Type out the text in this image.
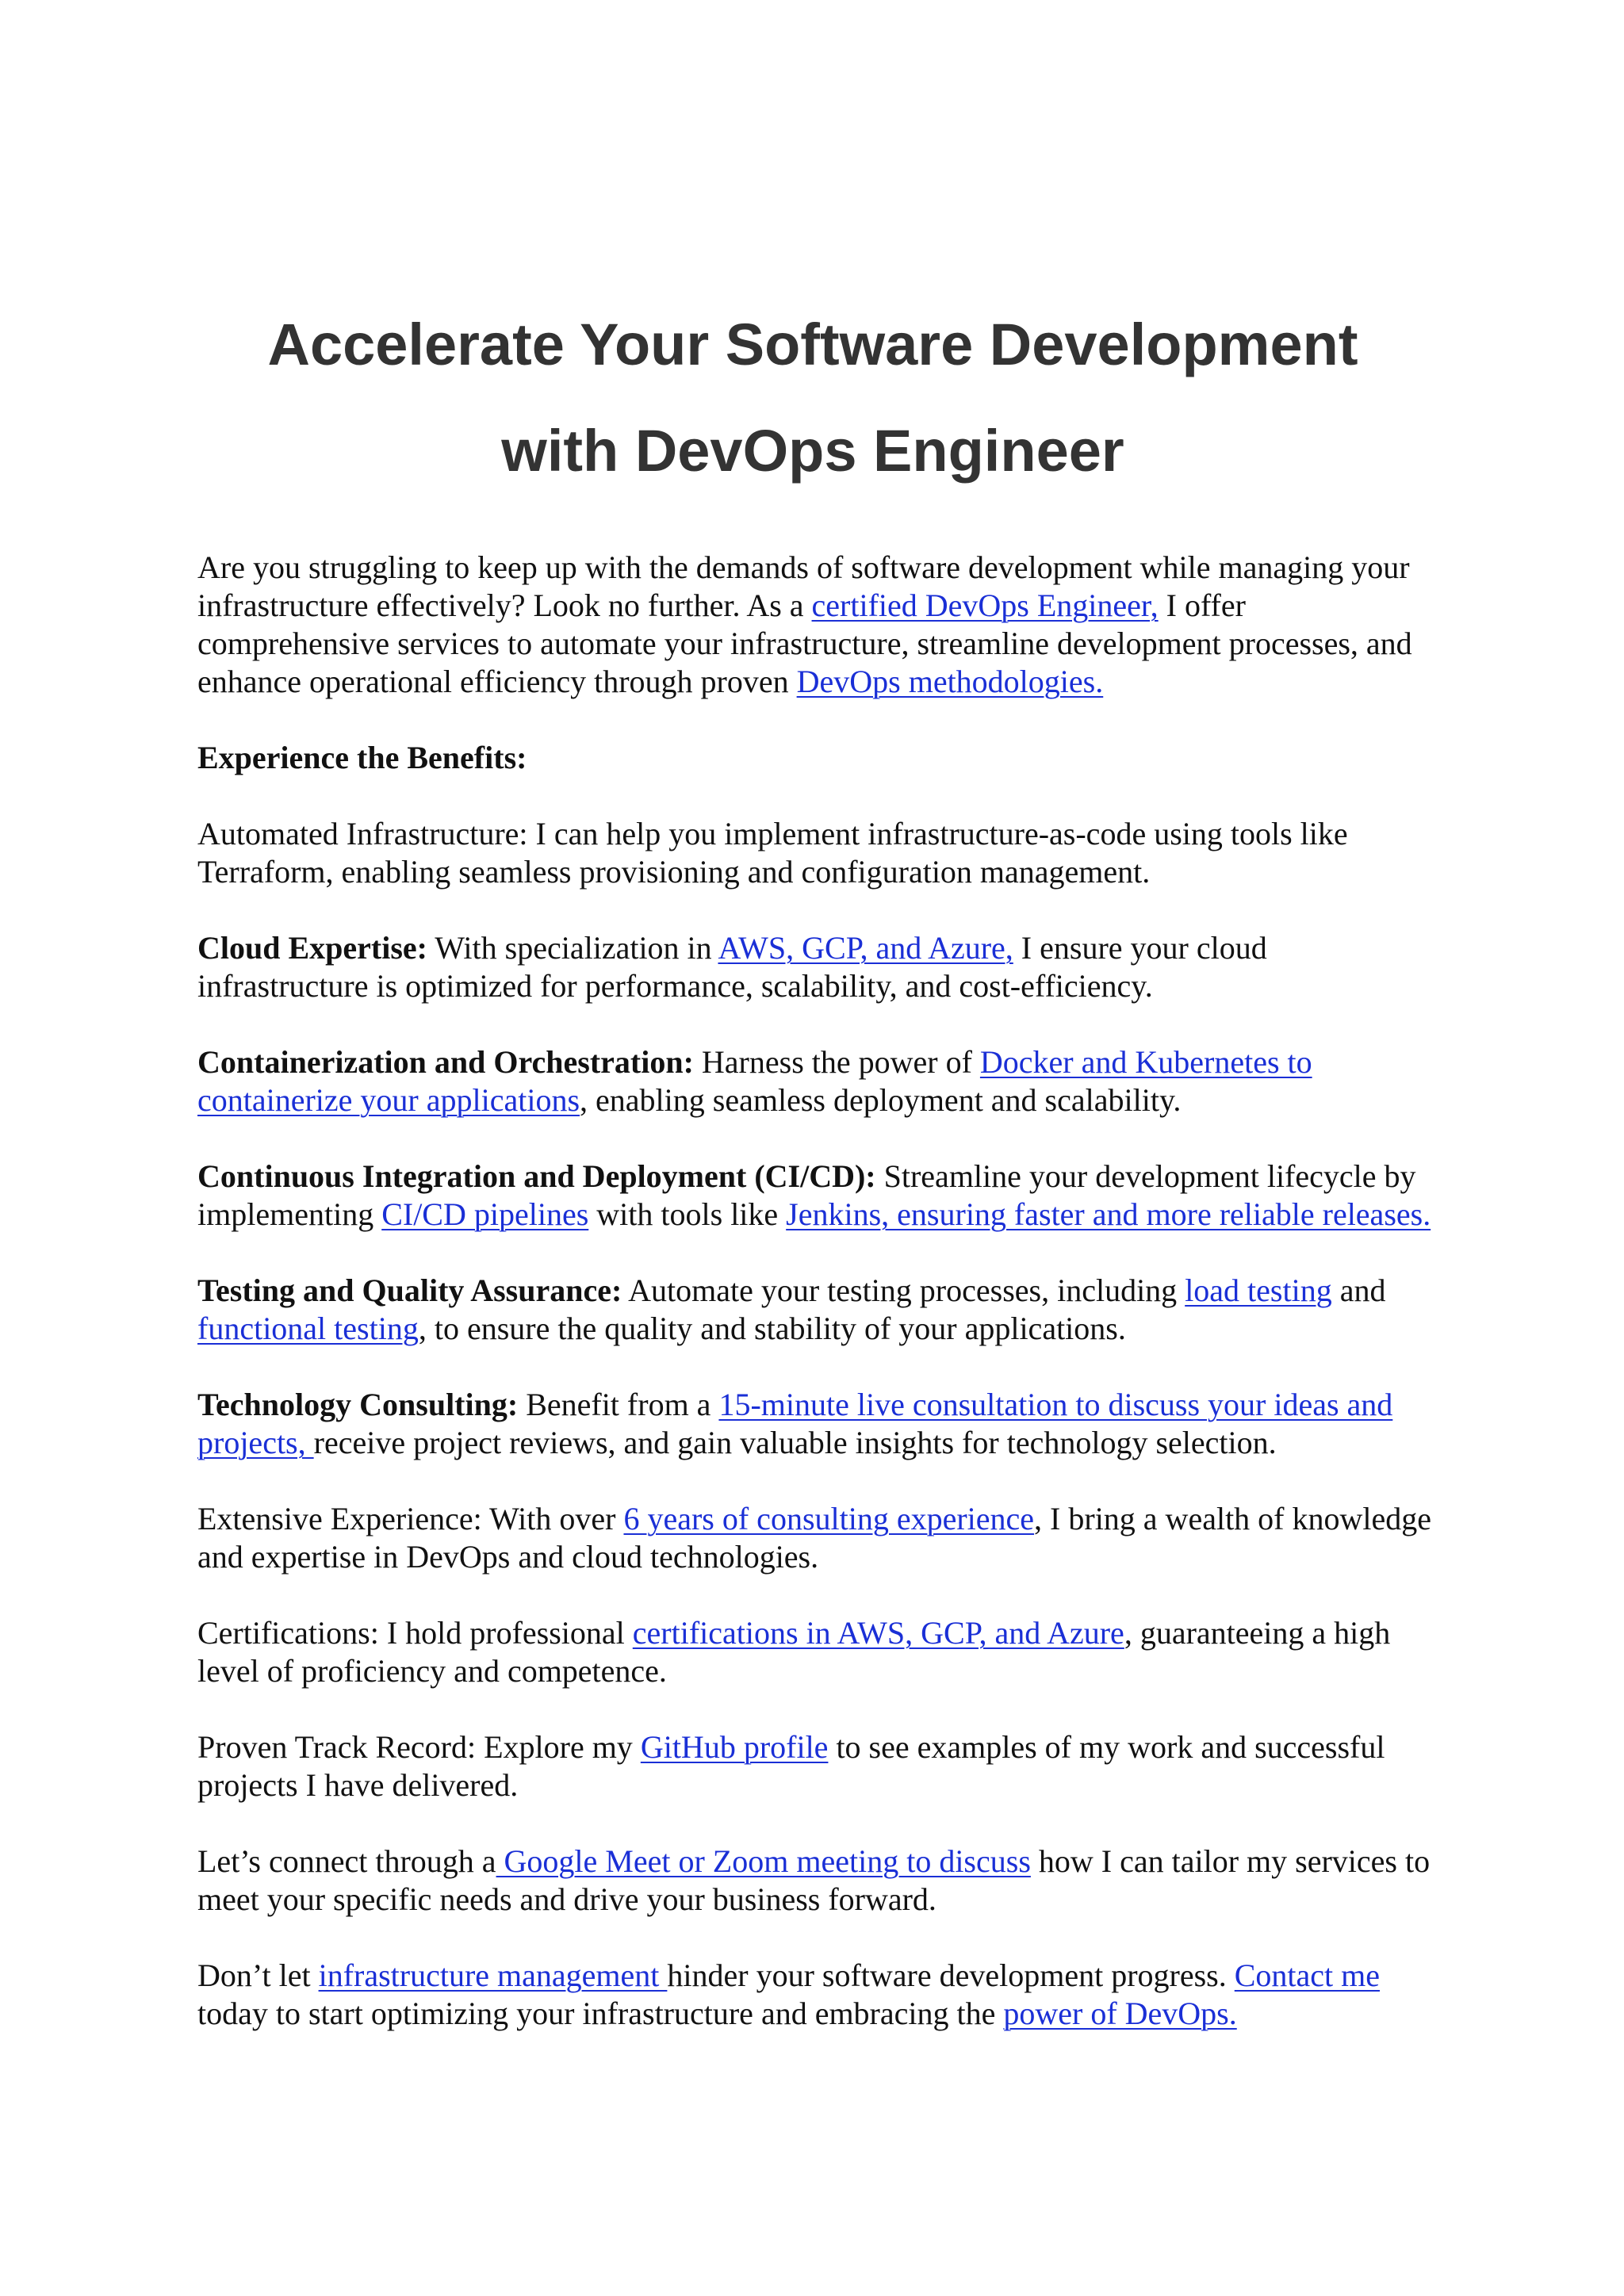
Accelerate Your Software Development
with DevOps Engineer

Are you struggling to keep up with the demands of software development while managing your infrastructure effectively? Look no further. As a certified DevOps Engineer, I offer comprehensive services to automate your infrastructure, streamline development processes, and enhance operational efficiency through proven DevOps methodologies.

Experience the Benefits:

Automated Infrastructure: I can help you implement infrastructure-as-code using tools like Terraform, enabling seamless provisioning and configuration management.

Cloud Expertise: With specialization in AWS, GCP, and Azure, I ensure your cloud infrastructure is optimized for performance, scalability, and cost-efficiency.

Containerization and Orchestration: Harness the power of Docker and Kubernetes to containerize your applications, enabling seamless deployment and scalability.

Continuous Integration and Deployment (CI/CD): Streamline your development lifecycle by implementing CI/CD pipelines with tools like Jenkins, ensuring faster and more reliable releases.

Testing and Quality Assurance: Automate your testing processes, including load testing and functional testing, to ensure the quality and stability of your applications.

Technology Consulting: Benefit from a 15-minute live consultation to discuss your ideas and projects, receive project reviews, and gain valuable insights for technology selection.

Extensive Experience: With over 6 years of consulting experience, I bring a wealth of knowledge and expertise in DevOps and cloud technologies.

Certifications: I hold professional certifications in AWS, GCP, and Azure, guaranteeing a high level of proficiency and competence.

Proven Track Record: Explore my GitHub profile to see examples of my work and successful projects I have delivered.

Let’s connect through a Google Meet or Zoom meeting to discuss how I can tailor my services to meet your specific needs and drive your business forward.

Don’t let infrastructure management hinder your software development progress. Contact me today to start optimizing your infrastructure and embracing the power of DevOps.
